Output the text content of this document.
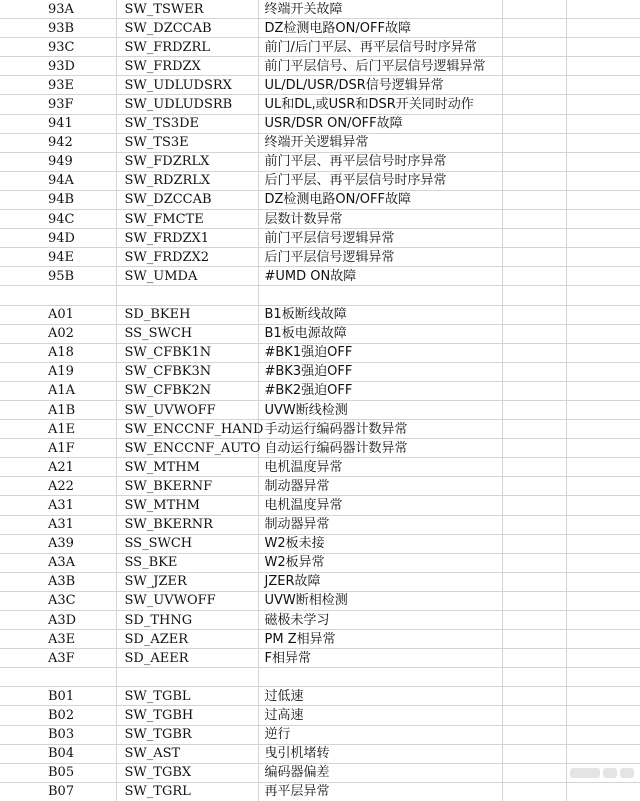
93A	SW_TSWER	终端开关故障		
93B	SW_DZCCAB	DZ检测电路ON/OFF故障		
93C	SW_FRDZRL	前门/后门平层、再平层信号时序异常		
93D	SW_FRDZX	前门平层信号、后门平层信号逻辑异常		
93E	SW_UDLUDSRX	UL/DL/USR/DSR信号逻辑异常		
93F	SW_UDLUDSRB	UL和DL,或USR和DSR开关同时动作		
941	SW_TS3DE	USR/DSR ON/OFF故障		
942	SW_TS3E	终端开关逻辑异常		
949	SW_FDZRLX	前门平层、再平层信号时序异常		
94A	SW_RDZRLX	后门平层、再平层信号时序异常		
94B	SW_DZCCAB	DZ检测电路ON/OFF故障		
94C	SW_FMCTE	层数计数异常		
94D	SW_FRDZX1	前门平层信号逻辑异常		
94E	SW_FRDZX2	后门平层信号逻辑异常		
95B	SW_UMDA	#UMD ON故障		

A01	SD_BKEH	B1板断线故障		
A02	SS_SWCH	B1板电源故障		
A18	SW_CFBK1N	#BK1强迫OFF		
A19	SW_CFBK3N	#BK3强迫OFF		
A1A	SW_CFBK2N	#BK2强迫OFF		
A1B	SW_UVWOFF	UVW断线检测		
A1E	SW_ENCCNF_HAND	手动运行编码器计数异常		
A1F	SW_ENCCNF_AUTO	自动运行编码器计数异常		
A21	SW_MTHM	电机温度异常		
A22	SW_BKERNF	制动器异常		
A31	SW_MTHM	电机温度异常		
A31	SW_BKERNR	制动器异常		
A39	SS_SWCH	W2板未接		
A3A	SS_BKE	W2板异常		
A3B	SW_JZER	JZER故障		
A3C	SW_UVWOFF	UVW断相检测		
A3D	SD_THNG	磁极未学习		
A3E	SD_AZER	PM Z相异常		
A3F	SD_AEER	F相异常		

B01	SW_TGBL	过低速		
B02	SW_TGBH	过高速		
B03	SW_TGBR	逆行		
B04	SW_AST	曳引机堵转		
B05	SW_TGBX	编码器偏差		
B07	SW_TGRL	再平层异常		
